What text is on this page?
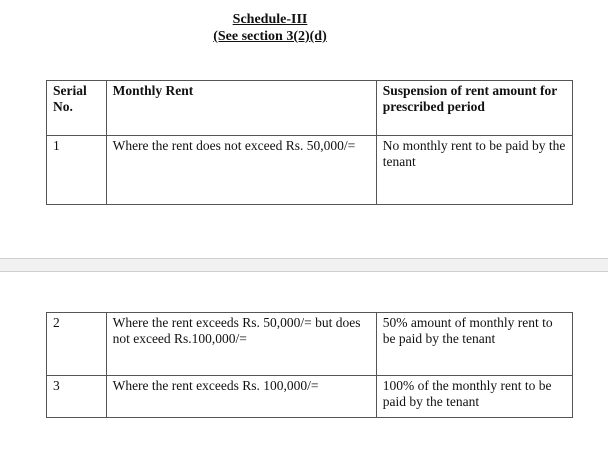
Schedule-III
(See section 3(2)(d)
Serial No.	Monthly Rent	Suspension of rent amount for prescribed period
1	Where the rent does not exceed Rs. 50,000/=	No monthly rent to be paid by the tenant
2	Where the rent exceeds Rs. 50,000/= but does not exceed Rs.100,000/=	50% amount of monthly rent to be paid by the tenant
3	Where the rent exceeds Rs. 100,000/=	100% of the monthly rent to be paid by the tenant
